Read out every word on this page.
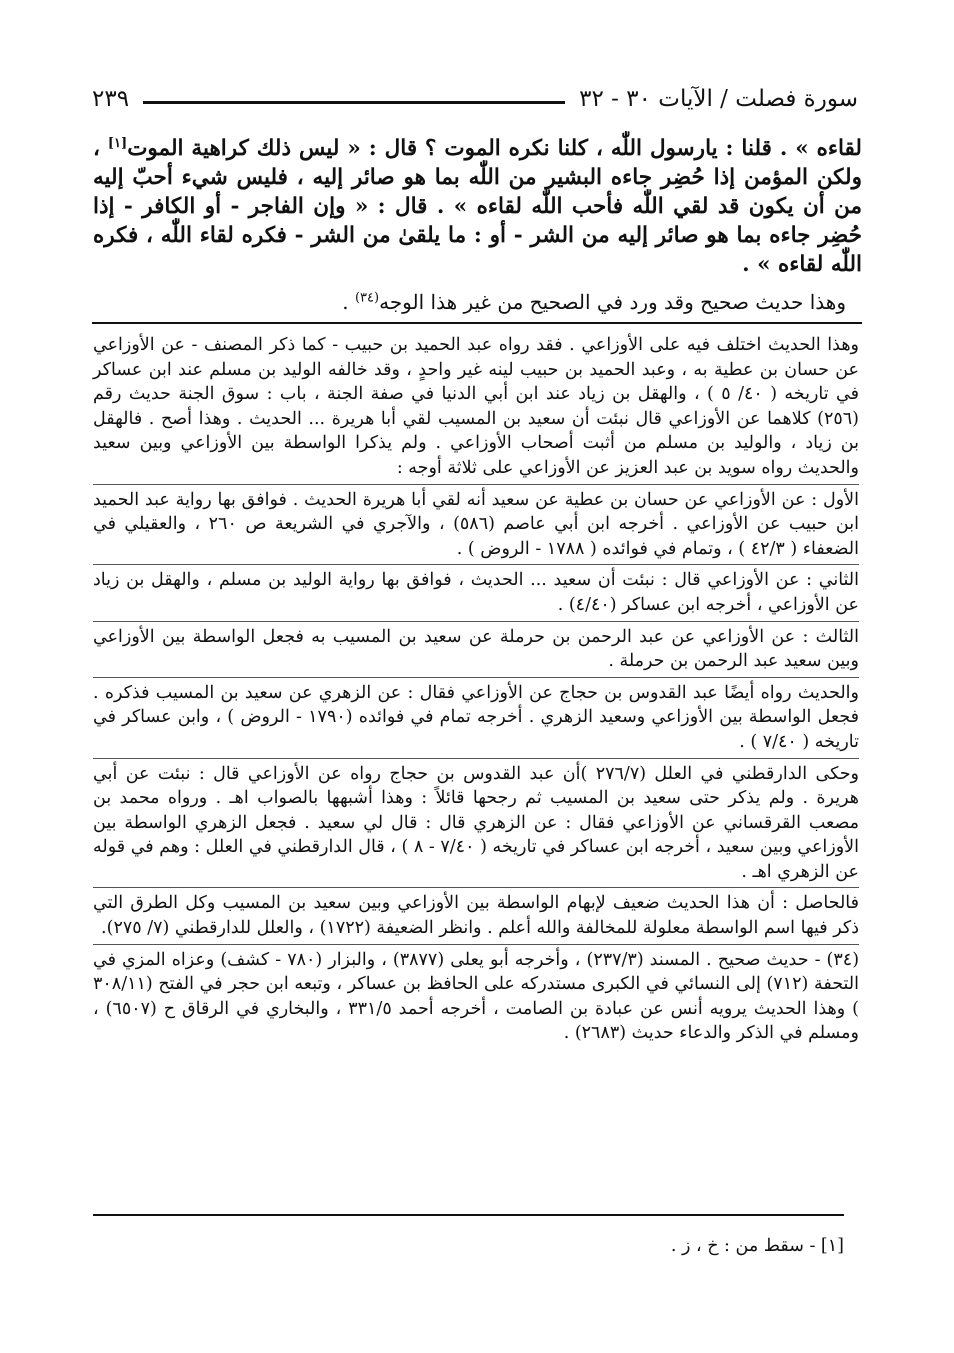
سورة فصلت / الآيات ٣٠ - ٣٢
٢٣٩
لقاءه » . قلنا : يارسول اللّٰه ، كلنا نكره الموت ؟ قال : « ليس ذلك كراهية الموت[١] ، ولكن المؤمن إذا حُضِر جاءه البشير من اللّٰه بما هو صائر إليه ، فليس شيء أحبّ إليه من أن يكون قد لقي اللّٰه فأحب اللّٰه لقاءه » . قال : « وإن الفاجر - أو الكافر - إذا حُضِر جاءه بما هو صائر إليه من الشر - أو : ما يلقىٰ من الشر - فكره لقاء اللّٰه ، فكره اللّٰه لقاءه » .
وهذا حديث صحيح وقد ورد في الصحيح من غير هذا الوجه$^{(٣٤)}$ .

وهذا الحديث اختلف فيه على الأوزاعي . فقد رواه عبد الحميد بن حبيب - كما ذكر المصنف - عن الأوزاعي عن حسان بن عطية به ، وعبد الحميد بن حبيب لينه غير واحدٍ ، وقد خالفه الوليد بن مسلم عند ابن عساكر في تاريخه ( ٤٠/ ٥ ) ، والهقل بن زياد عند ابن أبي الدنيا في صفة الجنة ، باب : سوق الجنة حديث رقم (٢٥٦) كلاهما عن الأوزاعي قال نبئت أن سعيد بن المسيب لقي أبا هريرة ... الحديث . وهذا أصح . فالهقل بن زياد ، والوليد بن مسلم من أثبت أصحاب الأوزاعي . ولم يذكرا الواسطة بين الأوزاعي وبين سعيد والحديث رواه سويد بن عبد العزيز عن الأوزاعي على ثلاثة أوجه :

الأول : عن الأوزاعي عن حسان بن عطية عن سعيد أنه لقي أبا هريرة الحديث . فوافق بها رواية عبد الحميد ابن حبيب عن الأوزاعي . أخرجه ابن أبي عاصم (٥٨٦) ، والآجري في الشريعة ص ٢٦٠ ، والعقيلي في الضعفاء ( ٤٢/٣ ) ، وتمام في فوائده ( ١٧٨٨ - الروض ) .

الثاني : عن الأوزاعي قال : نبئت أن سعيد ... الحديث ، فوافق بها رواية الوليد بن مسلم ، والهقل بن زياد عن الأوزاعي ، أخرجه ابن عساكر (٤/٤٠) .

الثالث : عن الأوزاعي عن عبد الرحمن بن حرملة عن سعيد بن المسيب به فجعل الواسطة بين الأوزاعي وبين سعيد عبد الرحمن بن حرملة .

والحديث رواه أيضًا عبد القدوس بن حجاج عن الأوزاعي فقال : عن الزهري عن سعيد بن المسيب فذكره . فجعل الواسطة بين الأوزاعي وسعيد الزهري . أخرجه تمام في فوائده (١٧٩٠ - الروض ) ، وابن عساكر في تاريخه ( ٧/٤٠ ) .

وحكى الدارقطني في العلل (٢٧٦/٧ )أن عبد القدوس بن حجاج رواه عن الأوزاعي قال : نبئت عن أبي هريرة . ولم يذكر حتى سعيد بن المسيب ثم رجحها قائلاً : وهذا أشبهها بالصواب اهـ . ورواه محمد بن مصعب القرقساني عن الأوزاعي فقال : عن الزهري قال : قال لي سعيد . فجعل الزهري الواسطة بين الأوزاعي وبين سعيد ، أخرجه ابن عساكر في تاريخه ( ٧/٤٠ - ٨ ) ، قال الدارقطني في العلل : وهم في قوله عن الزهري اهـ .

فالحاصل : أن هذا الحديث ضعيف لإبهام الواسطة بين الأوزاعي وبين سعيد بن المسيب وكل الطرق التي ذكر فيها اسم الواسطة معلولة للمخالفة والله أعلم . وانظر الضعيفة (١٧٢٢) ، والعلل للدارقطني (٧/ ٢٧٥).

(٣٤) - حديث صحيح . المسند (٢٣٧/٣) ، وأخرجه أبو يعلى (٣٨٧٧) ، والبزار (٧٨٠ - كشف) وعزاه المزي في التحفة (٧١٢) إلى النسائي في الكبرى مستدركه على الحافظ بن عساكر ، وتبعه ابن حجر في الفتح (٣٠٨/١١ ) وهذا الحديث يرويه أنس عن عبادة بن الصامت ، أخرجه أحمد ٣٣١/٥ ، والبخاري في الرقاق ح (٦٥٠٧) ، ومسلم في الذكر والدعاء حديث (٢٦٨٣) .

[١] - سقط من : خ ، ز .
